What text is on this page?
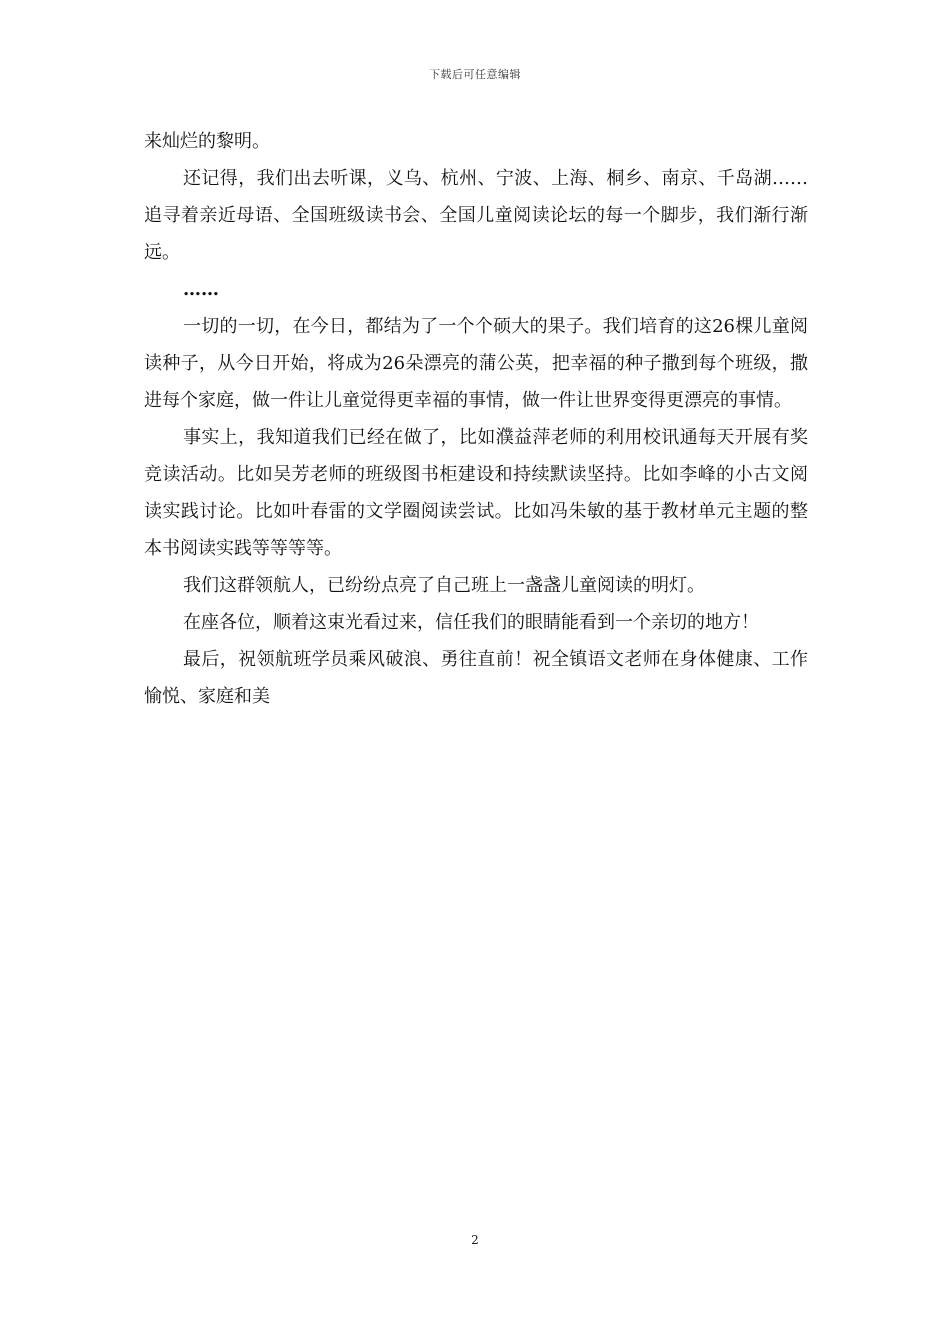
下载后可任意编辑

来灿烂的黎明。

还记得，我们出去听课，义乌、杭州、宁波、上海、桐乡、南京、千岛湖……追寻着亲近母语、全国班级读书会、全国儿童阅读论坛的每一个脚步，我们渐行渐远。

……

一切的一切，在今日，都结为了一个个硕大的果子。我们培育的这26棵儿童阅读种子，从今日开始，将成为26朵漂亮的蒲公英，把幸福的种子撒到每个班级，撒进每个家庭，做一件让儿童觉得更幸福的事情，做一件让世界变得更漂亮的事情。

事实上，我知道我们已经在做了，比如濮益萍老师的利用校讯通每天开展有奖竞读活动。比如吴芳老师的班级图书柜建设和持续默读坚持。比如李峰的小古文阅读实践讨论。比如叶春雷的文学圈阅读尝试。比如冯朱敏的基于教材单元主题的整本书阅读实践等等等等。

我们这群领航人，已纷纷点亮了自己班上一盏盏儿童阅读的明灯。

在座各位，顺着这束光看过来，信任我们的眼睛能看到一个亲切的地方！

最后，祝领航班学员乘风破浪、勇往直前！祝全镇语文老师在身体健康、工作愉悦、家庭和美

2
